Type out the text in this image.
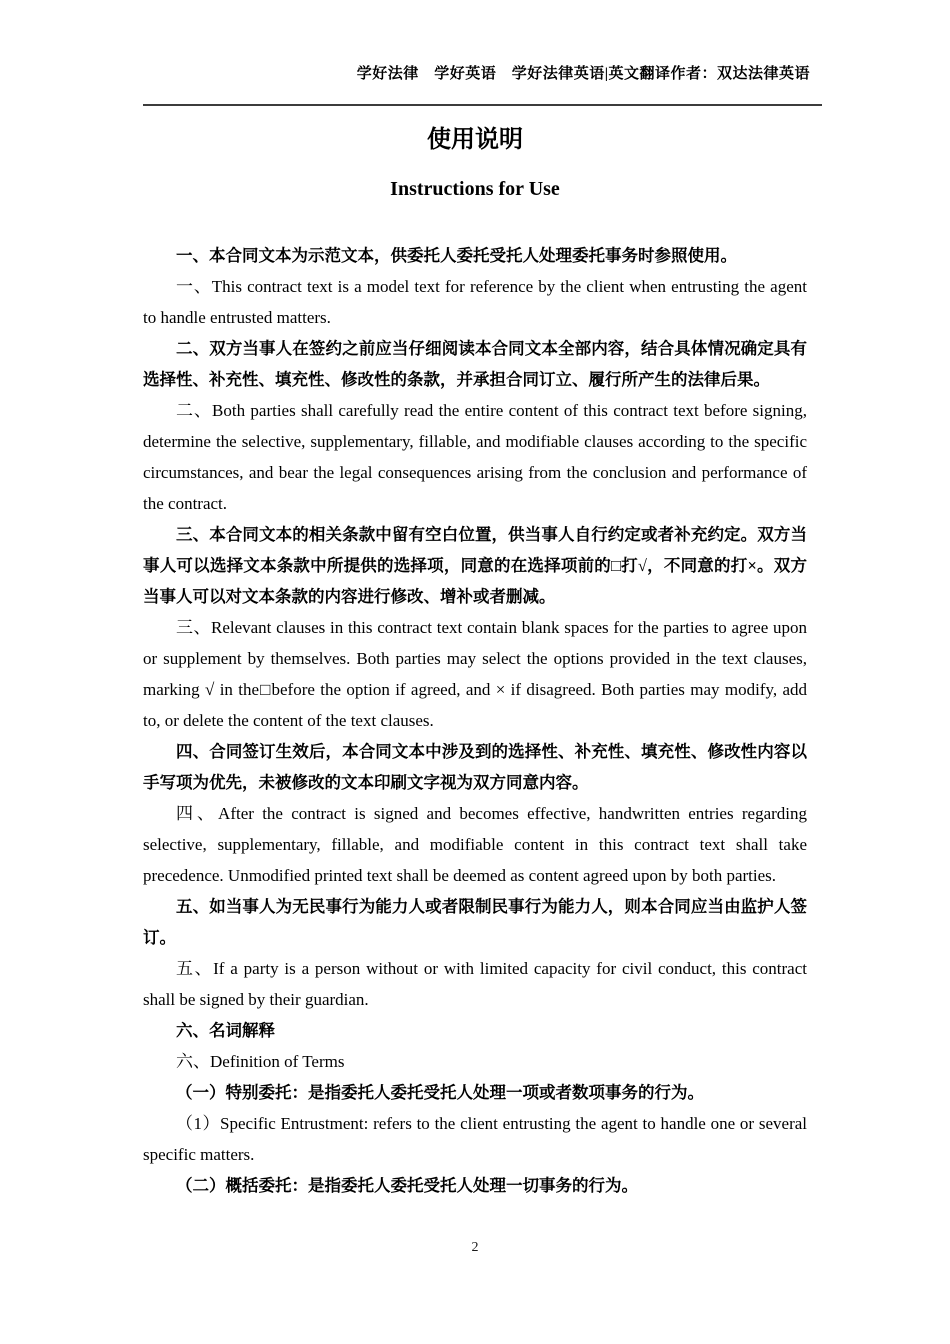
学好法律　学好英语　学好法律英语|英文翻译作者：双达法律英语
使用说明
Instructions for Use

一、本合同文本为示范文本，供委托人委托受托人处理委托事务时参照使用。

一、This contract text is a model text for reference by the client when entrusting the agent to handle entrusted matters.

二、双方当事人在签约之前应当仔细阅读本合同文本全部内容，结合具体情况确定具有选择性、补充性、填充性、修改性的条款，并承担合同订立、履行所产生的法律后果。

二、Both parties shall carefully read the entire content of this contract text before signing, determine the selective, supplementary, fillable, and modifiable clauses according to the specific circumstances, and bear the legal consequences arising from the conclusion and performance of the contract.

三、本合同文本的相关条款中留有空白位置，供当事人自行约定或者补充约定。双方当事人可以选择文本条款中所提供的选择项，同意的在选择项前的□打√，不同意的打×。双方当事人可以对文本条款的内容进行修改、增补或者删减。

三、Relevant clauses in this contract text contain blank spaces for the parties to agree upon or supplement by themselves. Both parties may select the options provided in the text clauses, marking √ in the□before the option if agreed, and × if disagreed. Both parties may modify, add to, or delete the content of the text clauses.

四、合同签订生效后，本合同文本中涉及到的选择性、补充性、填充性、修改性内容以手写项为优先，未被修改的文本印刷文字视为双方同意内容。

四、After the contract is signed and becomes effective, handwritten entries regarding selective, supplementary, fillable, and modifiable content in this contract text shall take precedence. Unmodified printed text shall be deemed as content agreed upon by both parties.

五、如当事人为无民事行为能力人或者限制民事行为能力人，则本合同应当由监护人签订。

五、If a party is a person without or with limited capacity for civil conduct, this contract shall be signed by their guardian.

六、名词解释

六、Definition of Terms

（一）特别委托：是指委托人委托受托人处理一项或者数项事务的行为。

（1）Specific Entrustment: refers to the client entrusting the agent to handle one or several specific matters.

（二）概括委托：是指委托人委托受托人处理一切事务的行为。

2
